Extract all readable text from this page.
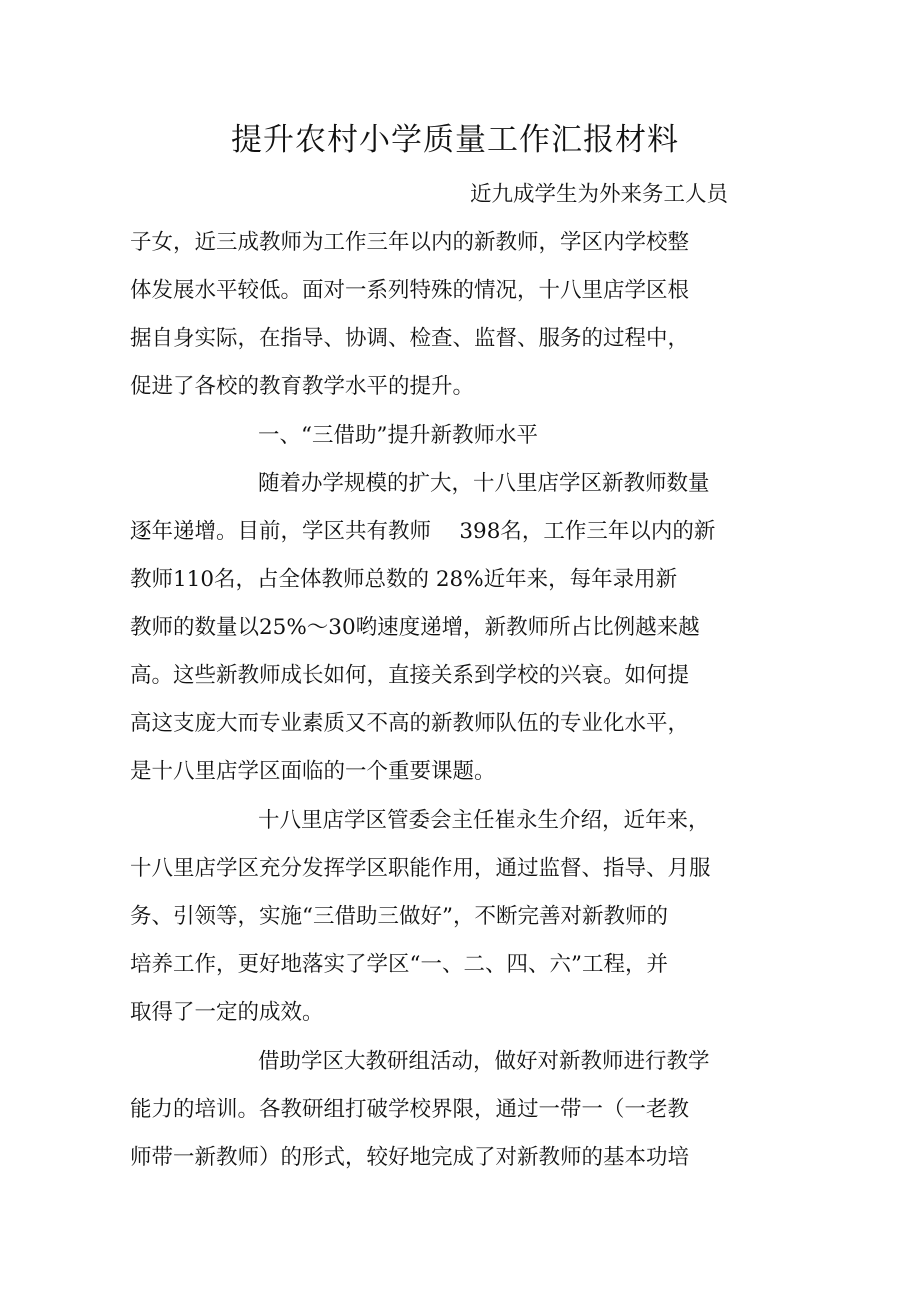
提升农村小学质量工作汇报材料

近九成学生为外来务工人员

子女，近三成教师为工作三年以内的新教师，学区内学校整

体发展水平较低。面对一系列特殊的情况，十八里店学区根

据自身实际，在指导、协调、检查、监督、服务的过程中，

促进了各校的教育教学水平的提升。

一、“三借助”提升新教师水平

随着办学规模的扩大，十八里店学区新教师数量

逐年递增。目前，学区共有教师　 398名，工作三年以内的新

教师110名，占全体教师总数的 28%近年来，每年录用新

教师的数量以25%～30哟速度递增，新教师所占比例越来越

高。这些新教师成长如何，直接关系到学校的兴衰。如何提

高这支庞大而专业素质又不高的新教师队伍的专业化水平，

是十八里店学区面临的一个重要课题。

十八里店学区管委会主任崔永生介绍，近年来，

十八里店学区充分发挥学区职能作用，通过监督、指导、月服

务、引领等，实施“三借助三做好”，不断完善对新教师的

培养工作，更好地落实了学区“一、二、四、六”工程，并

取得了一定的成效。

借助学区大教研组活动，做好对新教师进行教学

能力的培训。各教研组打破学校界限，通过一带一（一老教

师带一新教师）的形式，较好地完成了对新教师的基本功培
